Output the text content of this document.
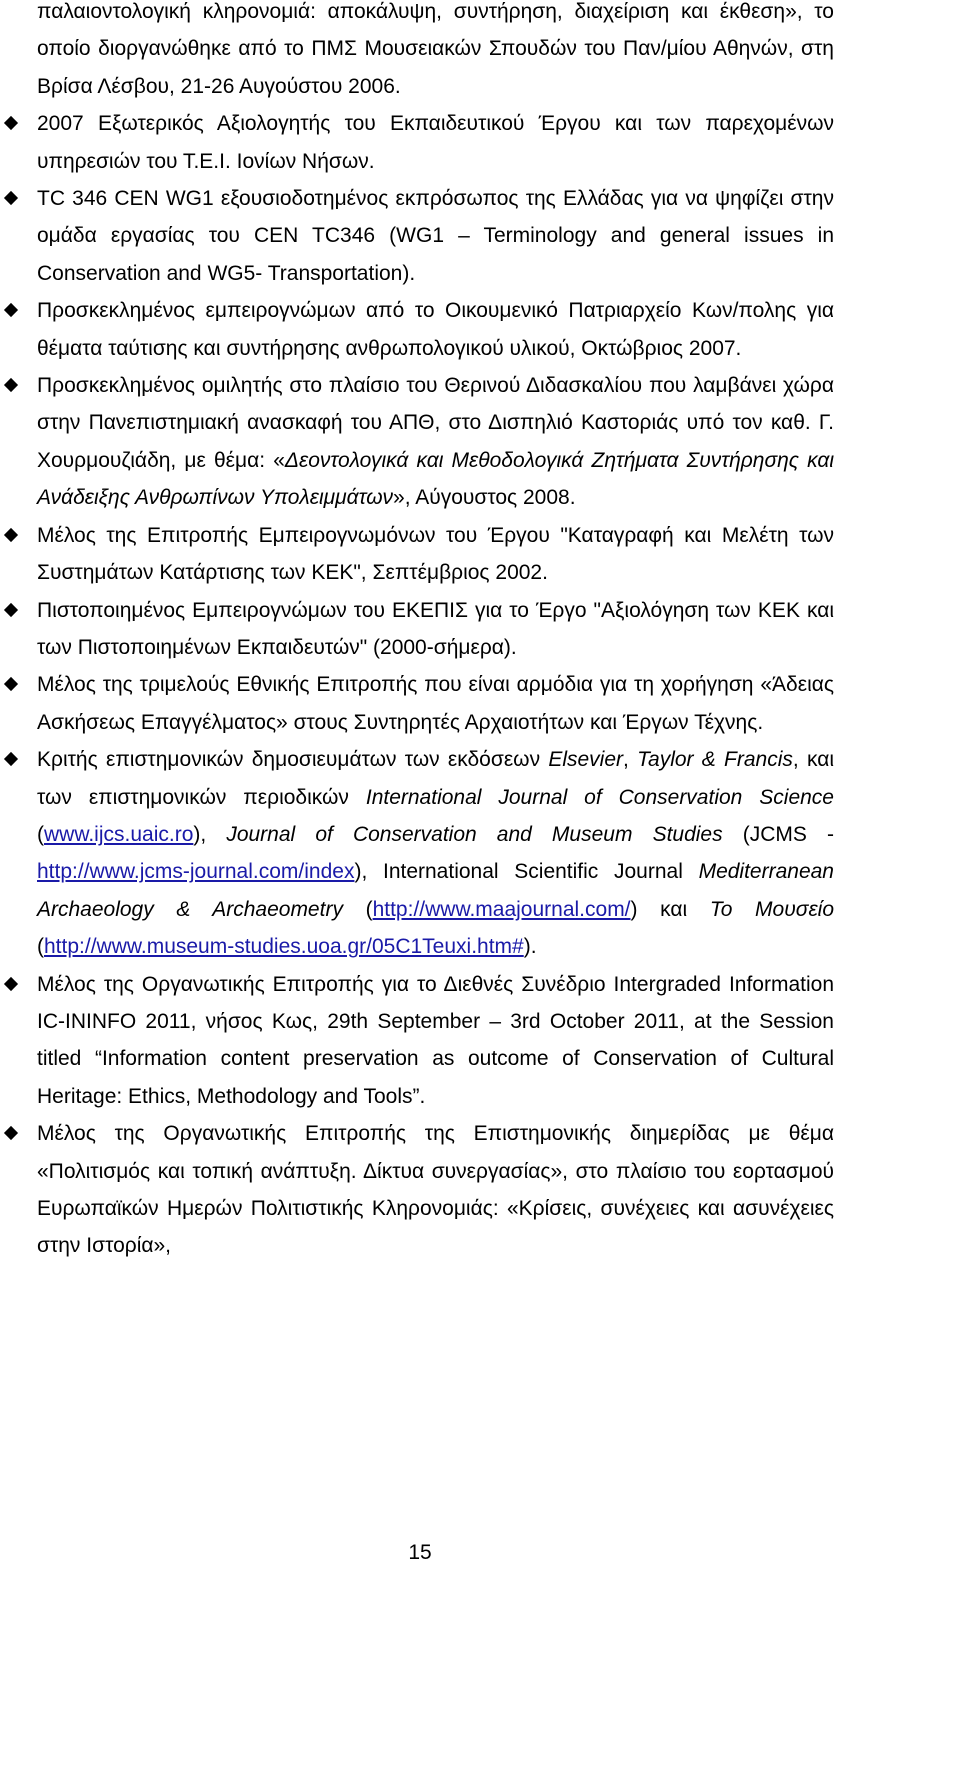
παλαιοντολογική κληρονομιά: αποκάλυψη, συντήρηση, διαχείριση και έκθεση», το οποίο διοργανώθηκε από το ΠΜΣ Μουσειακών Σπουδών του Παν/μίου Αθηνών, στη Βρίσα Λέσβου, 21-26 Αυγούστου 2006.

2007 Εξωτερικός Αξιολογητής του Εκπαιδευτικού Έργου και των παρεχομένων υπηρεσιών του Τ.Ε.Ι. Ιονίων Νήσων.

TC 346 CEN WG1 εξουσιοδοτημένος εκπρόσωπος της Ελλάδας για να ψηφίζει στην ομάδα εργασίας του CEN TC346 (WG1 – Terminology and general issues in Conservation and WG5- Transportation).

Προσκεκλημένος εμπειρογνώμων από το Οικουμενικό Πατριαρχείο Κων/πολης για θέματα ταύτισης και συντήρησης ανθρωπολογικού υλικού, Οκτώβριος 2007.

Προσκεκλημένος ομιλητής στο πλαίσιο του Θερινού Διδασκαλίου που λαμβάνει χώρα στην Πανεπιστημιακή ανασκαφή του ΑΠΘ, στο Δισπηλιό Καστοριάς υπό τον καθ. Γ. Χουρμουζιάδη, με θέμα: «Δεοντολογικά και Μεθοδολογικά Ζητήματα Συντήρησης και Ανάδειξης Ανθρωπίνων Υπολειμμάτων», Αύγουστος 2008.

Μέλος της Επιτροπής Εμπειρογνωμόνων του Έργου "Καταγραφή και Μελέτη των Συστημάτων Κατάρτισης των ΚΕΚ", Σεπτέμβριος 2002.

Πιστοποιημένος Εμπειρογνώμων του ΕΚΕΠΙΣ για το Έργο "Αξιολόγηση των ΚΕΚ και των Πιστοποιημένων Εκπαιδευτών" (2000-σήμερα).

Μέλος της τριμελούς Εθνικής Επιτροπής που είναι αρμόδια για τη χορήγηση «Άδειας Ασκήσεως Επαγγέλματος» στους Συντηρητές Αρχαιοτήτων και Έργων Τέχνης.

Κριτής επιστημονικών δημοσιευμάτων των εκδόσεων Elsevier, Taylor & Francis, και των επιστημονικών περιοδικών International Journal of Conservation Science (www.ijcs.uaic.ro), Journal of Conservation and Museum Studies (JCMS - http://www.jcms-journal.com/index), International Scientific Journal Mediterranean Archaeology & Archaeometry (http://www.maajournal.com/) και Το Μουσείο (http://www.museum-studies.uoa.gr/05C1Teuxi.htm#).

Μέλος της Οργανωτικής Επιτροπής για το Διεθνές Συνέδριο Intergraded Information IC-ININFO 2011, νήσος Κως, 29th September – 3rd October 2011, at the Session titled “Information content preservation as outcome of Conservation of Cultural Heritage: Ethics, Methodology and Tools”.

Μέλος της Οργανωτικής Επιτροπής της Επιστημονικής διημερίδας με θέμα «Πολιτισμός και τοπική ανάπτυξη. Δίκτυα συνεργασίας», στο πλαίσιο του εορτασμού Ευρωπαϊκών Ημερών Πολιτιστικής Κληρονομιάς: «Κρίσεις, συνέχειες και ασυνέχειες στην Ιστορία»,

15
